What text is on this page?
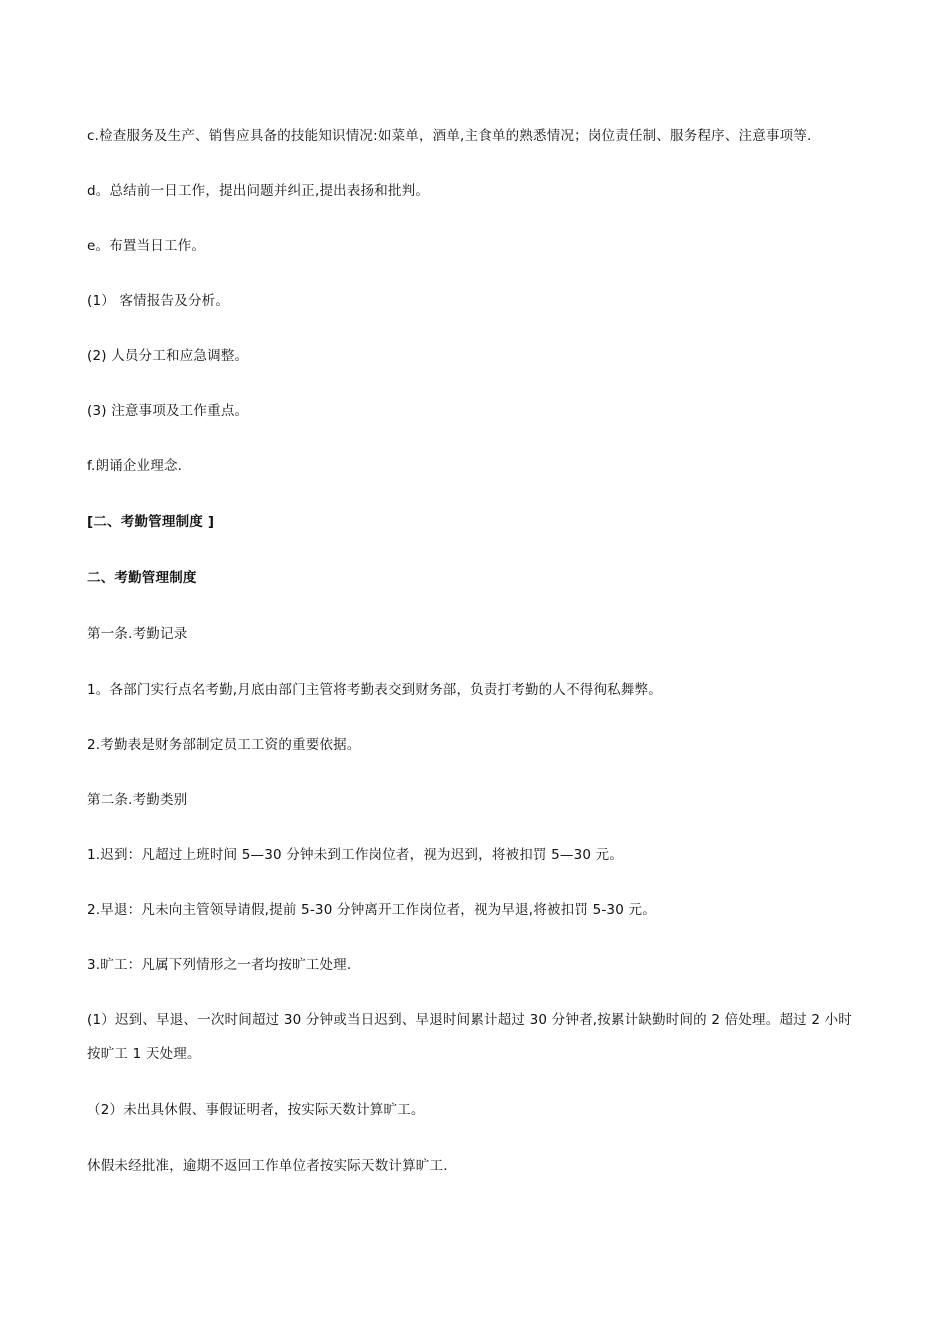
c.检查服务及生产、销售应具备的技能知识情况:如菜单，酒单,主食单的熟悉情况；岗位责任制、服务程序、注意事项等.

d。总结前一日工作，提出问题并纠正,提出表扬和批判。

e。布置当日工作。

(1） 客情报告及分析。

(2) 人员分工和应急调整。

(3) 注意事项及工作重点。

f.朗诵企业理念.

[二、考勤管理制度 ]

二、考勤管理制度

第一条.考勤记录

1。各部门实行点名考勤,月底由部门主管将考勤表交到财务部，负责打考勤的人不得徇私舞弊。

2.考勤表是财务部制定员工工资的重要依据。

第二条.考勤类别

1.迟到：凡超过上班时间 5—30 分钟未到工作岗位者，视为迟到，将被扣罚 5—30 元。

2.早退：凡未向主管领导请假,提前 5-30 分钟离开工作岗位者，视为早退,将被扣罚 5-30 元。

3.旷工：凡属下列情形之一者均按旷工处理.

(1）迟到、早退、一次时间超过 30 分钟或当日迟到、早退时间累计超过 30 分钟者,按累计缺勤时间的 2 倍处理。超过 2 小时

按旷工 1 天处理。

（2）未出具休假、事假证明者，按实际天数计算旷工。

休假未经批准，逾期不返回工作单位者按实际天数计算旷工.
